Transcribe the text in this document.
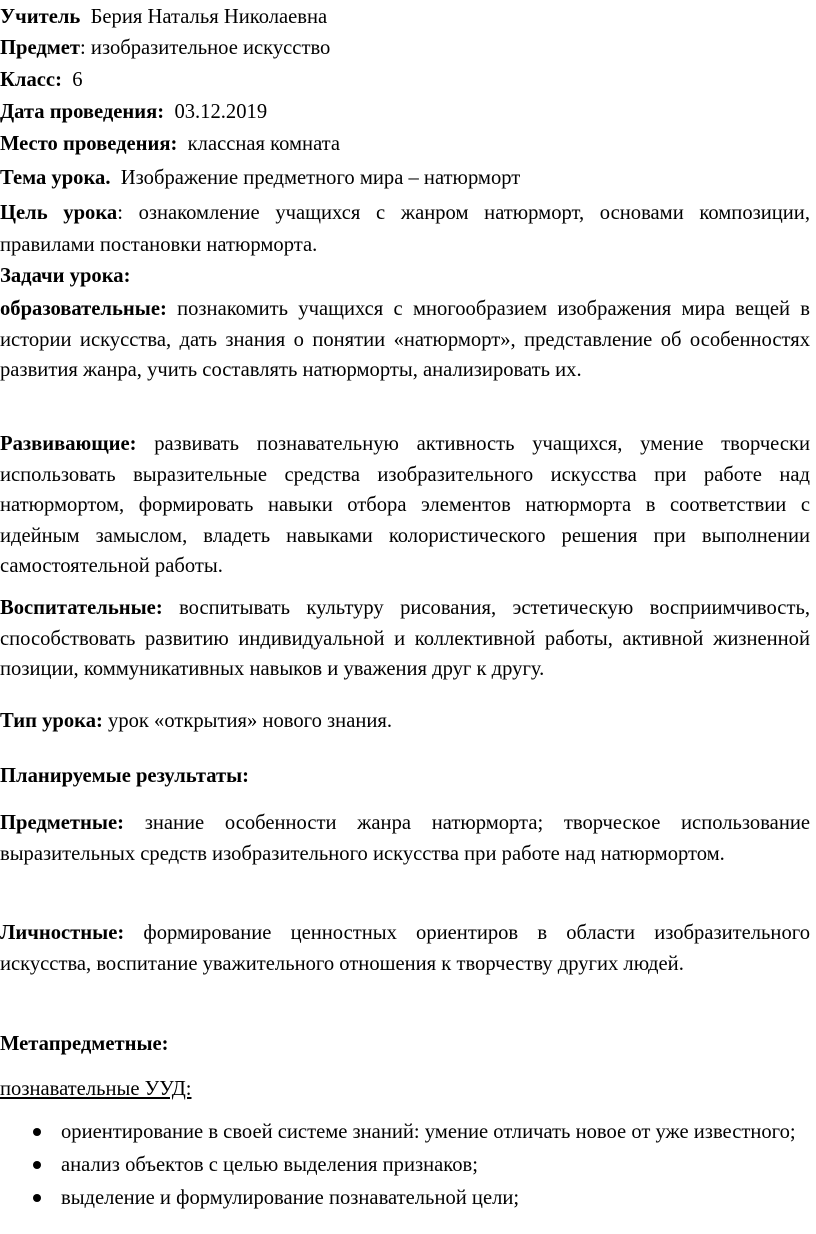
Учитель Берия Наталья Николаевна
Предмет: изобразительное искусство
Класс: 6
Дата проведения: 03.12.2019
Место проведения: классная комната
Тема урока. Изображение предметного мира – натюрморт
Цель урока: ознакомление учащихся с жанром натюрморт, основами композиции, правилами постановки натюрморта.
Задачи урока:
образовательные: познакомить учащихся с многообразием изображения мира вещей в истории искусства, дать знания о понятии «натюрморт», представление об особенностях развития жанра, учить составлять натюрморты, анализировать их.
Развивающие: развивать познавательную активность учащихся, умение творчески использовать выразительные средства изобразительного искусства при работе над натюрмортом, формировать навыки отбора элементов натюрморта в соответствии с идейным замыслом, владеть навыками колористического решения при выполнении самостоятельной работы.
Воспитательные: воспитывать культуру рисования, эстетическую восприимчивость, способствовать развитию индивидуальной и коллективной работы, активной жизненной позиции, коммуникативных навыков и уважения друг к другу.
Тип урока: урок «открытия» нового знания.
Планируемые результаты:
Предметные: знание особенности жанра натюрморта; творческое использование выразительных средств изобразительного искусства при работе над натюрмортом.
Личностные: формирование ценностных ориентиров в области изобразительного искусства, воспитание уважительного отношения к творчеству других людей.
Метапредметные:
познавательные УУД:
ориентирование в своей системе знаний: умение отличать новое от уже известного;
анализ объектов с целью выделения признаков;
выделение и формулирование познавательной цели;
